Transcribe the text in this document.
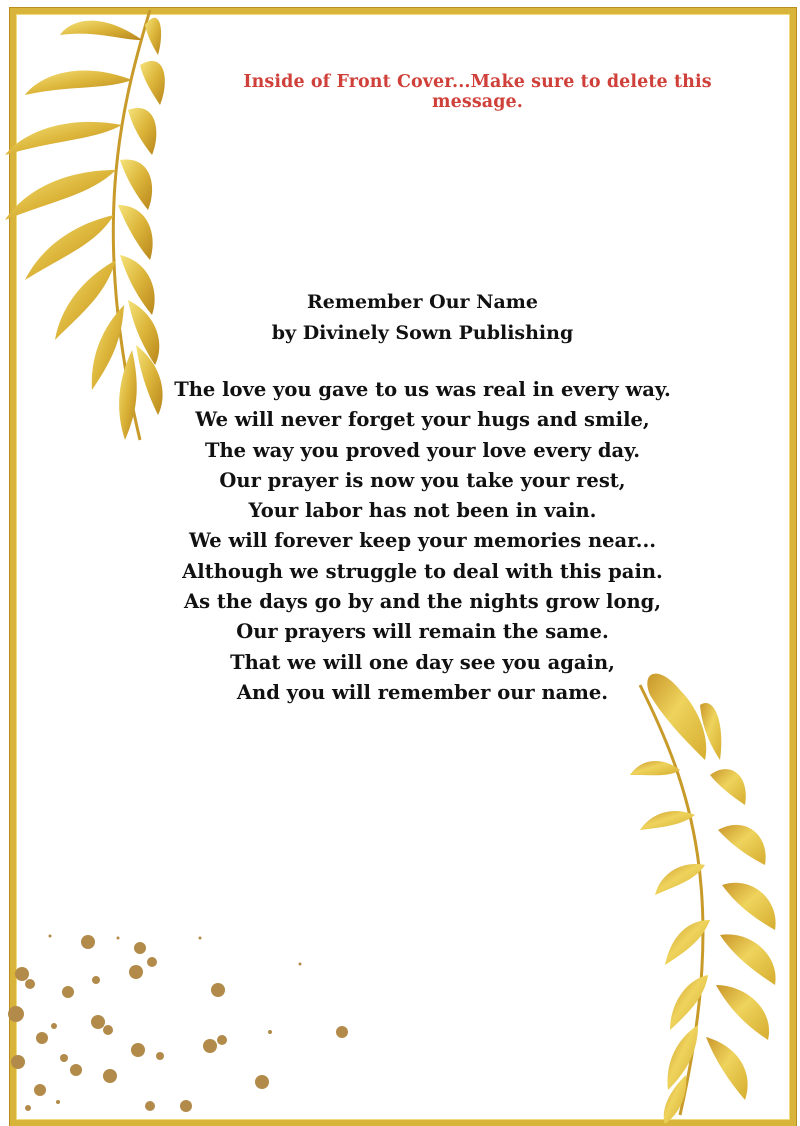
Inside of Front Cover...Make sure to delete this message.
Remember Our Name
by Divinely Sown Publishing
The love you gave to us was real in every way.
We will never forget your hugs and smile,
The way you proved your love every day.
Our prayer is now you take your rest,
Your labor has not been in vain.
We will forever keep your memories near...
Although we struggle to deal with this pain.
As the days go by and the nights grow long,
Our prayers will remain the same.
That we will one day see you again,
And you will remember our name.
